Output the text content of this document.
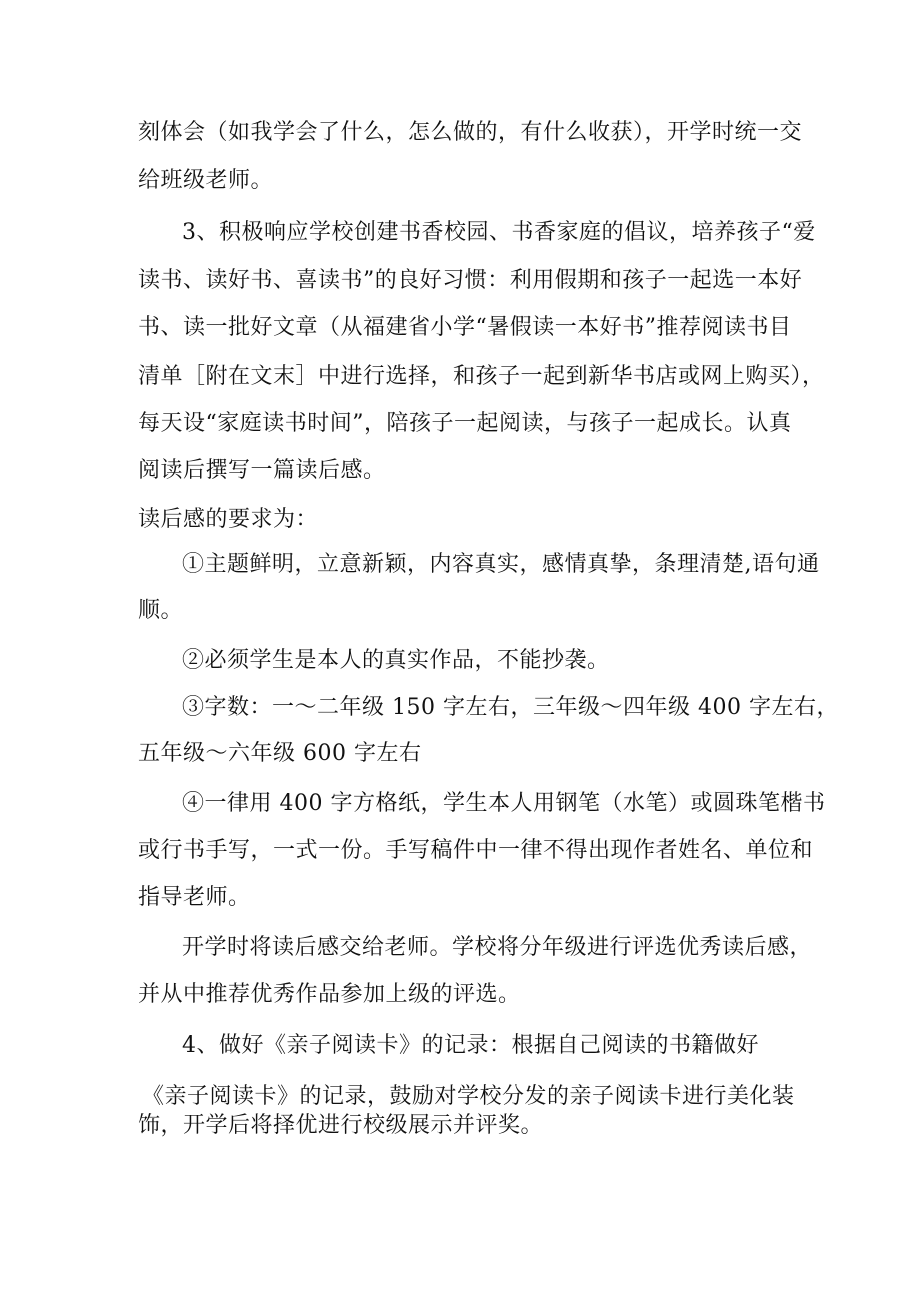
刻体会（如我学会了什么，怎么做的，有什么收获），开学时统一交
给班级老师。
3、积极响应学校创建书香校园、书香家庭的倡议，培养孩子“爱
读书、读好书、喜读书”的良好习惯：利用假期和孩子一起选一本好
书、读一批好文章（从福建省小学“暑假读一本好书”推荐阅读书目
清单［附在文末］中进行选择，和孩子一起到新华书店或网上购买），
每天设“家庭读书时间”，陪孩子一起阅读，与孩子一起成长。认真
阅读后撰写一篇读后感。
读后感的要求为：
①主题鲜明，立意新颖，内容真实，感情真挚，条理清楚,语句通
顺。
②必须学生是本人的真实作品，不能抄袭。
③字数：一～二年级 150 字左右，三年级～四年级 400 字左右，
五年级～六年级 600 字左右
④一律用 400 字方格纸，学生本人用钢笔（水笔）或圆珠笔楷书
或行书手写，一式一份。手写稿件中一律不得出现作者姓名、单位和
指导老师。
开学时将读后感交给老师。学校将分年级进行评选优秀读后感，
并从中推荐优秀作品参加上级的评选。
4、做好《亲子阅读卡》的记录：根据自己阅读的书籍做好
《亲子阅读卡》的记录，鼓励对学校分发的亲子阅读卡进行美化装
饰，开学后将择优进行校级展示并评奖。
